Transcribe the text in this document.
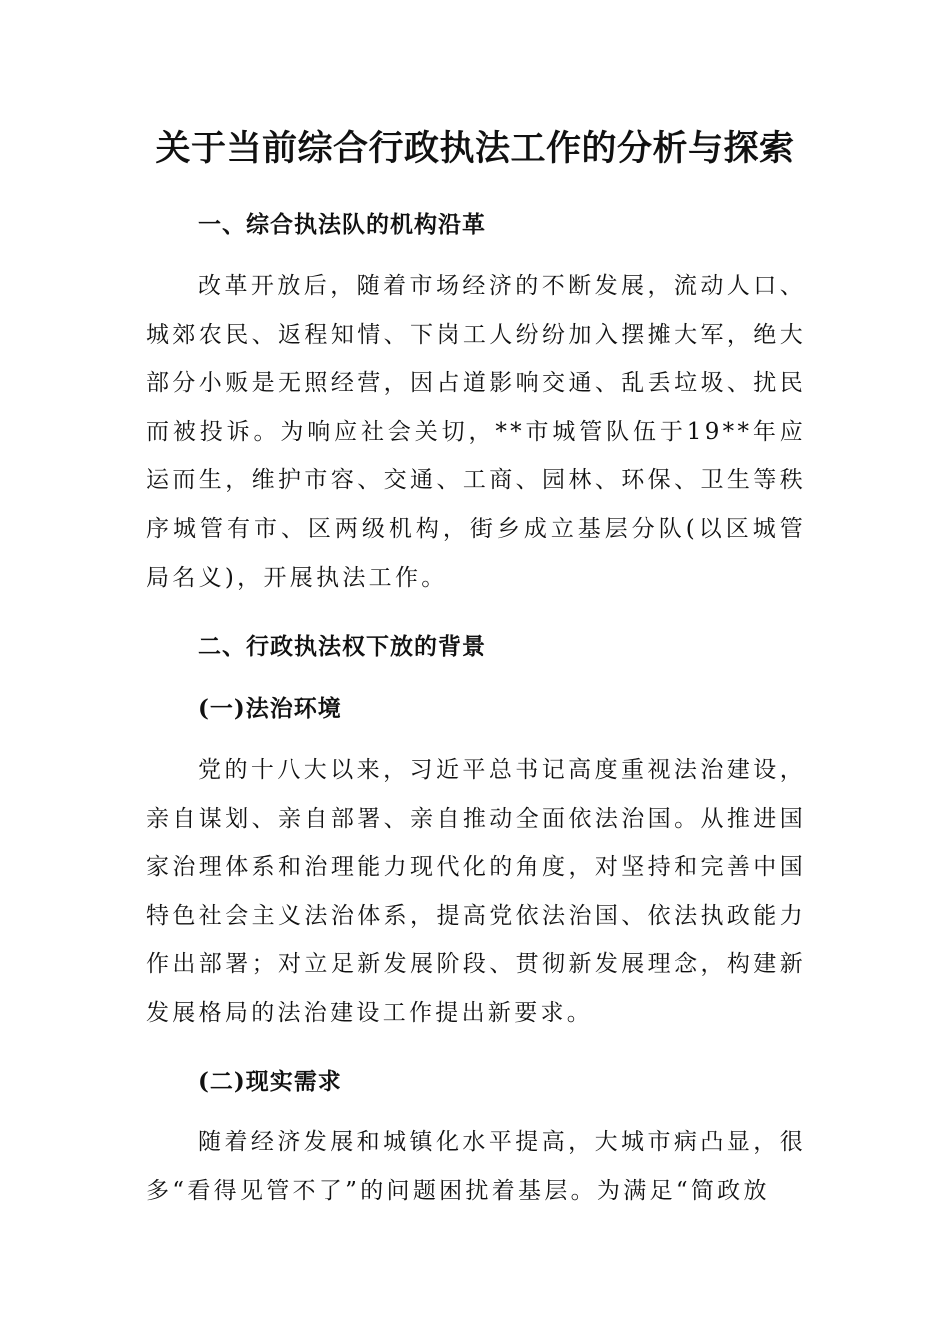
关于当前综合行政执法工作的分析与探索
一、综合执法队的机构沿革

改革开放后，随着市场经济的不断发展，流动人口、城郊农民、返程知情、下岗工人纷纷加入摆摊大军，绝大部分小贩是无照经营，因占道影响交通、乱丢垃圾、扰民而被投诉。为响应社会关切，**市城管队伍于19**年应运而生，维护市容、交通、工商、园林、环保、卫生等秩序城管有市、区两级机构，街乡成立基层分队(以区城管局名义)，开展执法工作。

二、行政执法权下放的背景
(一)法治环境

党的十八大以来，习近平总书记高度重视法治建设，亲自谋划、亲自部署、亲自推动全面依法治国。从推进国家治理体系和治理能力现代化的角度，对坚持和完善中国特色社会主义法治体系，提高党依法治国、依法执政能力作出部署；对立足新发展阶段、贯彻新发展理念，构建新发展格局的法治建设工作提出新要求。

(二)现实需求

随着经济发展和城镇化水平提高，大城市病凸显，很多“看得见管不了”的问题困扰着基层。为满足“简政放
